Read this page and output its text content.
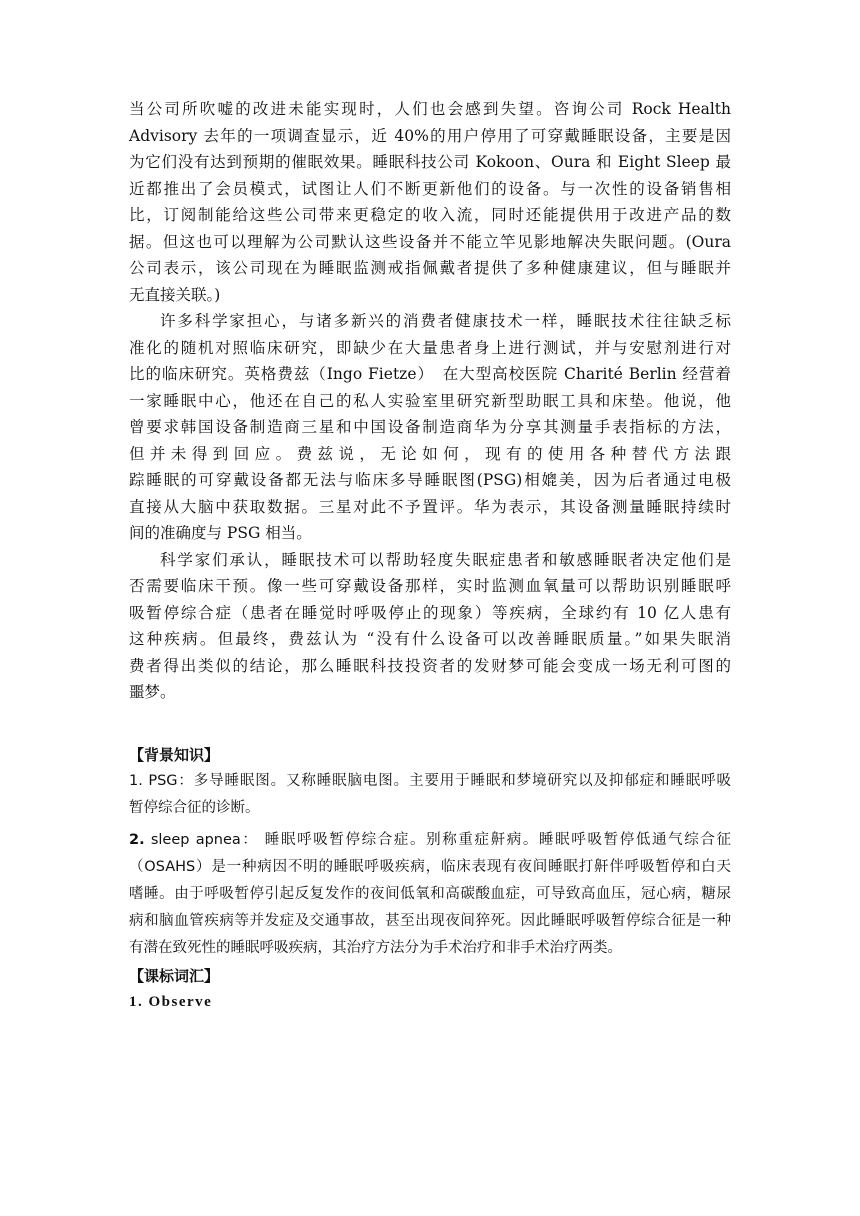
当公司所吹嘘的改进未能实现时，人们也会感到失望。咨询公司 Rock Health
Advisory 去年的一项调查显示，近 40%的用户停用了可穿戴睡眠设备，主要是因
为它们没有达到预期的催眠效果。睡眠科技公司 Kokoon、Oura 和 Eight Sleep 最
近都推出了会员模式，试图让人们不断更新他们的设备。与一次性的设备销售相
比，订阅制能给这些公司带来更稳定的收入流，同时还能提供用于改进产品的数
据。但这也可以理解为公司默认这些设备并不能立竿见影地解决失眠问题。(Oura
公司表示，该公司现在为睡眠监测戒指佩戴者提供了多种健康建议，但与睡眠并
无直接关联。)
许多科学家担心，与诸多新兴的消费者健康技术一样，睡眠技术往往缺乏标
准化的随机对照临床研究，即缺少在大量患者身上进行测试，并与安慰剂进行对
比的临床研究。英格费兹（Ingo Fietze）　在大型高校医院 Charité Berlin 经营着
一家睡眠中心，他还在自己的私人实验室里研究新型助眠工具和床垫。他说，他
曾要求韩国设备制造商三星和中国设备制造商华为分享其测量手表指标的方法，
但并未得到回应。费兹说，无论如何，现有的使用各种替代方法跟
踪睡眠的可穿戴设备都无法与临床多导睡眠图(PSG)相媲美，因为后者通过电极
直接从大脑中获取数据。三星对此不予置评。华为表示，其设备测量睡眠持续时
间的准确度与 PSG 相当。
科学家们承认，睡眠技术可以帮助轻度失眠症患者和敏感睡眠者决定他们是
否需要临床干预。像一些可穿戴设备那样，实时监测血氧量可以帮助识别睡眠呼
吸暂停综合症（患者在睡觉时呼吸停止的现象）等疾病，全球约有 10 亿人患有
这种疾病。但最终，费兹认为 “没有什么设备可以改善睡眠质量。”如果失眠消
费者得出类似的结论，那么睡眠科技投资者的发财梦可能会变成一场无利可图的
噩梦。
【背景知识】
1. PSG：多导睡眠图。又称睡眠脑电图。主要用于睡眠和梦境研究以及抑郁症和睡眠呼吸
暂停综合征的诊断。
2. sleep apnea： 睡眠呼吸暂停综合症。别称重症鼾病。睡眠呼吸暂停低通气综合征
（OSAHS）是一种病因不明的睡眠呼吸疾病，临床表现有夜间睡眠打鼾伴呼吸暂停和白天
嗜睡。由于呼吸暂停引起反复发作的夜间低氧和高碳酸血症，可导致高血压，冠心病，糖尿
病和脑血管疾病等并发症及交通事故，甚至出现夜间猝死。因此睡眠呼吸暂停综合征是一种
有潜在致死性的睡眠呼吸疾病，其治疗方法分为手术治疗和非手术治疗两类。
【课标词汇】
1. Observe
